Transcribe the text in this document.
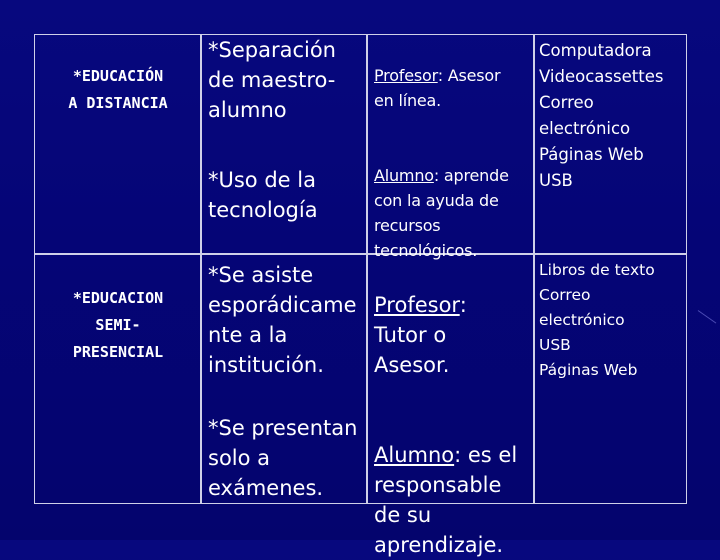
*EDUCACIÓN
A DISTANCIA
*Separación
de maestro-
alumno
*Uso de la
tecnología

Profesor: Asesor
en línea.

Alumno: aprende
con la ayuda de
recursos
tecnológicos.

Computadora
Videocassettes
Correo
electrónico
Páginas Web
USB
*EDUCACION
SEMI-
PRESENCIAL
*Se asiste
esporádicame
nte a la
institución.
*Se presentan
solo a
exámenes.

Profesor:
Tutor o
Asesor.

Alumno: es el
responsable
de su
aprendizaje.

Libros de texto
Correo
electrónico
USB
Páginas Web
